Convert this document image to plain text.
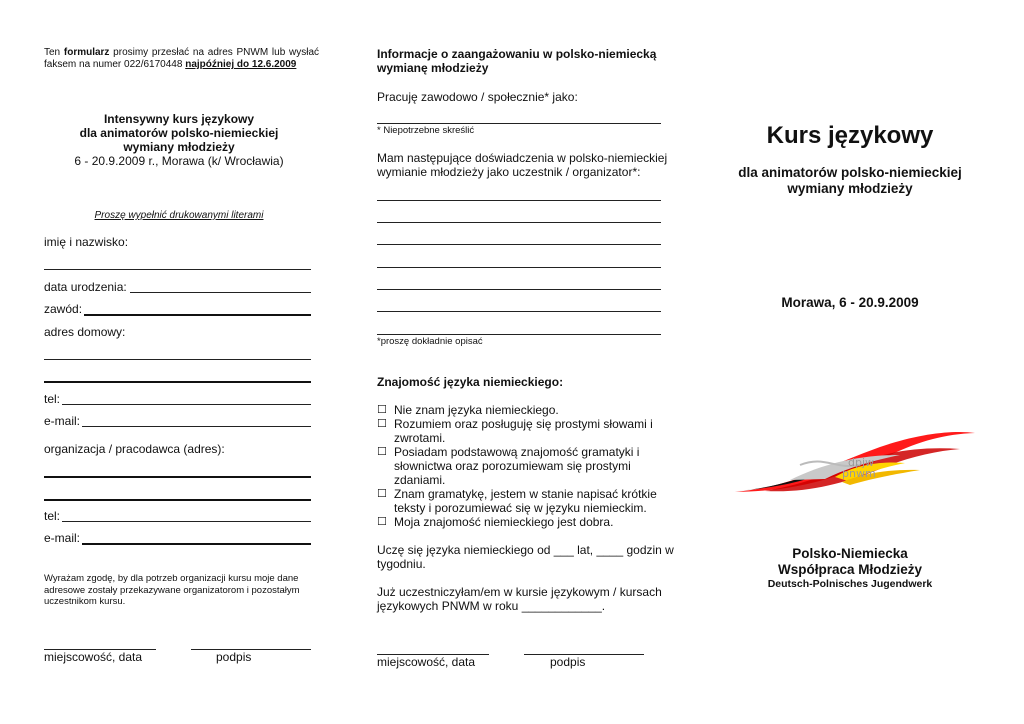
Ten formularz prosimy przesłać na adres PNWM lub wysłać faksem na numer 022/6170448 najpóźniej do 12.6.2009
Intensywny kurs językowy
dla animatorów polsko-niemieckiej
wymiany młodzieży
6 - 20.9.2009 r., Morawa (k/ Wrocławia)
Proszę wypełnić drukowanymi literami
imię i nazwisko:
data urodzenia:
zawód:
adres domowy:
tel:
e-mail:
organizacja / pracodawca (adres):
tel:
e-mail:
Wyrażam zgodę, by dla potrzeb organizacji kursu moje dane adresowe zostały przekazywane organizatorom i pozostałym uczestnikom kursu.
miejscowość, data	podpis
Informacje o zaangażowaniu w polsko-niemiecką wymianę młodzieży
Pracuję zawodowo / społecznie* jako:
* Niepotrzebne skreślić
Mam następujące doświadczenia w polsko-niemieckiej wymianie młodzieży jako uczestnik / organizator*:
*proszę dokładnie opisać
Znajomość języka niemieckiego:
☐ Nie znam języka niemieckiego.
☐ Rozumiem oraz posługuję się prostymi słowami i zwrotami.
☐ Posiadam podstawową znajomość gramatyki i słownictwa oraz porozumiewam się prostymi zdaniami.
☐ Znam gramatykę, jestem w stanie napisać krótkie teksty i porozumiewać się w języku niemieckim.
☐ Moja znajomość niemieckiego jest dobra.
Uczę się języka niemieckiego od ___ lat, ____ godzin w tygodniu.
Już uczestniczyłam/em w kursie językowym / kursach językowych PNWM w roku ____________.
miejscowość, data	podpis
Kurs językowy
dla animatorów polsko-niemieckiej
wymiany młodzieży
Morawa, 6 - 20.9.2009
dpjw
pnwm
Polsko-Niemiecka
Współpraca Młodzieży
Deutsch-Polnisches Jugendwerk
